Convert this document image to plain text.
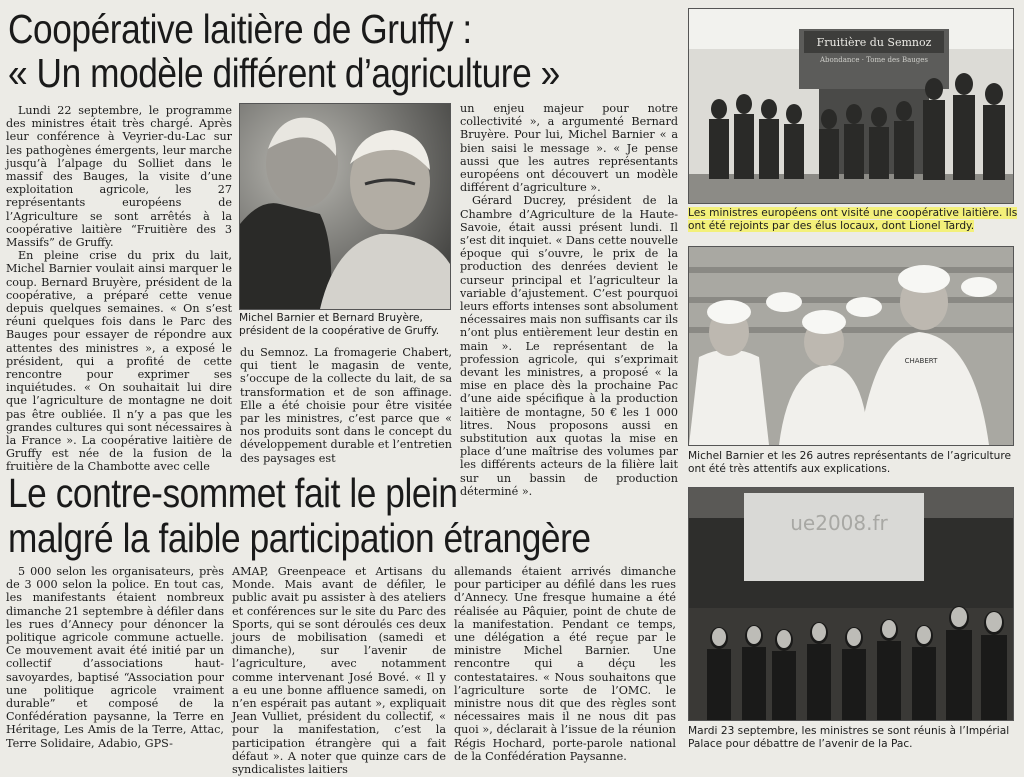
Coopérative laitière de Gruffy :
« Un modèle différent d’agriculture »

Lundi 22 septembre, le programme des ministres était très chargé. Après leur conférence à Veyrier-du-Lac sur les pathogènes émergents, leur marche jusqu’à l’alpage du Solliet dans le massif des Bauges, la visite d’une exploitation agricole, les 27 représentants européens de l’Agriculture se sont arrêtés à la coopérative laitière “Fruitière des 3 Massifs” de Gruffy.

En pleine crise du prix du lait, Michel Barnier voulait ainsi marquer le coup. Bernard Bruyère, président de la coopérative, a préparé cette venue depuis quelques semaines. « On s’est réuni quelques fois dans le Parc des Bauges pour essayer de répondre aux attentes des ministres », a exposé le président, qui a profité de cette rencontre pour exprimer ses inquiétudes. « On souhaitait lui dire que l’agriculture de montagne ne doit pas être oubliée. Il n’y a pas que les grandes cultures qui sont nécessaires à la France ». La coopérative laitière de Gruffy est née de la fusion de la fruitière de la Chambotte avec celle

Michel Barnier et Bernard Bruyère, président de la coopérative de Gruffy.

du Semnoz. La fromagerie Chabert, qui tient le magasin de vente, s’occupe de la collecte du lait, de sa transformation et de son affinage. Elle a été choisie pour être visitée par les ministres, c’est parce que « nos produits sont dans le concept du développement durable et l’entretien des paysages est

un enjeu majeur pour notre collectivité », a argumenté Bernard Bruyère. Pour lui, Michel Barnier « a bien saisi le message ». « Je pense aussi que les autres représentants européens ont découvert un modèle différent d’agriculture ».

Gérard Ducrey, président de la Chambre d’Agriculture de la Haute-Savoie, était aussi présent lundi. Il s’est dit inquiet. « Dans cette nouvelle époque qui s’ouvre, le prix de la production des denrées devient le curseur principal et l’agriculteur la variable d’ajustement. C’est pourquoi leurs efforts intenses sont absolument nécessaires mais non suffisants car ils n’ont plus entièrement leur destin en main ». Le représentant de la profession agricole, qui s’exprimait devant les ministres, a proposé « la mise en place dès la prochaine Pac d’une aide spécifique à la production laitière de montagne, 50 € les 1 000 litres. Nous proposons aussi en substitution aux quotas la mise en place d’une maîtrise des volumes par les différents acteurs de la filière lait sur un bassin de production déterminé ».

Le contre-sommet fait le plein
malgré la faible participation étrangère

5 000 selon les organisateurs, près de 3 000 selon la police. En tout cas, les manifestants étaient nombreux dimanche 21 septembre à défiler dans les rues d’Annecy pour dénoncer la politique agricole commune actuelle. Ce mouvement avait été initié par un collectif d’associations haut-savoyardes, baptisé “Association pour une politique agricole vraiment durable” et composé de la Confédération paysanne, la Terre en Héritage, Les Amis de la Terre, Attac, Terre Solidaire, Adabio, GPS-

AMAP, Greenpeace et Artisans du Monde. Mais avant de défiler, le public avait pu assister à des ateliers et conférences sur le site du Parc des Sports, qui se sont déroulés ces deux jours de mobilisation (samedi et dimanche), sur l’avenir de l’agriculture, avec notamment comme intervenant José Bové. « Il y a eu une bonne affluence samedi, on n’en espérait pas autant », expliquait Jean Vulliet, président du collectif, « pour la manifestation, c’est la participation étrangère qui a fait défaut ». A noter que quinze cars de syndicalistes laitiers

allemands étaient arrivés dimanche pour participer au défilé dans les rues d’Annecy. Une fresque humaine a été réalisée au Pâquier, point de chute de la manifestation. Pendant ce temps, une délégation a été reçue par le ministre Michel Barnier. Une rencontre qui a déçu les contestataires. « Nous souhaitons que l’agriculture sorte de l’OMC. le ministre nous dit que des règles sont nécessaires mais il ne nous dit pas quoi », déclarait à l’issue de la réunion Régis Hochard, porte-parole national de la Confédération Paysanne.

Fruitière du Semnoz
Abondance · Tome des Bauges

Les ministres européens ont visité une coopérative laitière. Ils ont été rejoints par des élus locaux, dont Lionel Tardy.

CHABERT

Michel Barnier et les 26 autres représentants de l’agriculture ont été très attentifs aux explications.

ue2008.fr

Mardi 23 septembre, les ministres se sont réunis à l’Impérial Palace pour débattre de l’avenir de la Pac.
